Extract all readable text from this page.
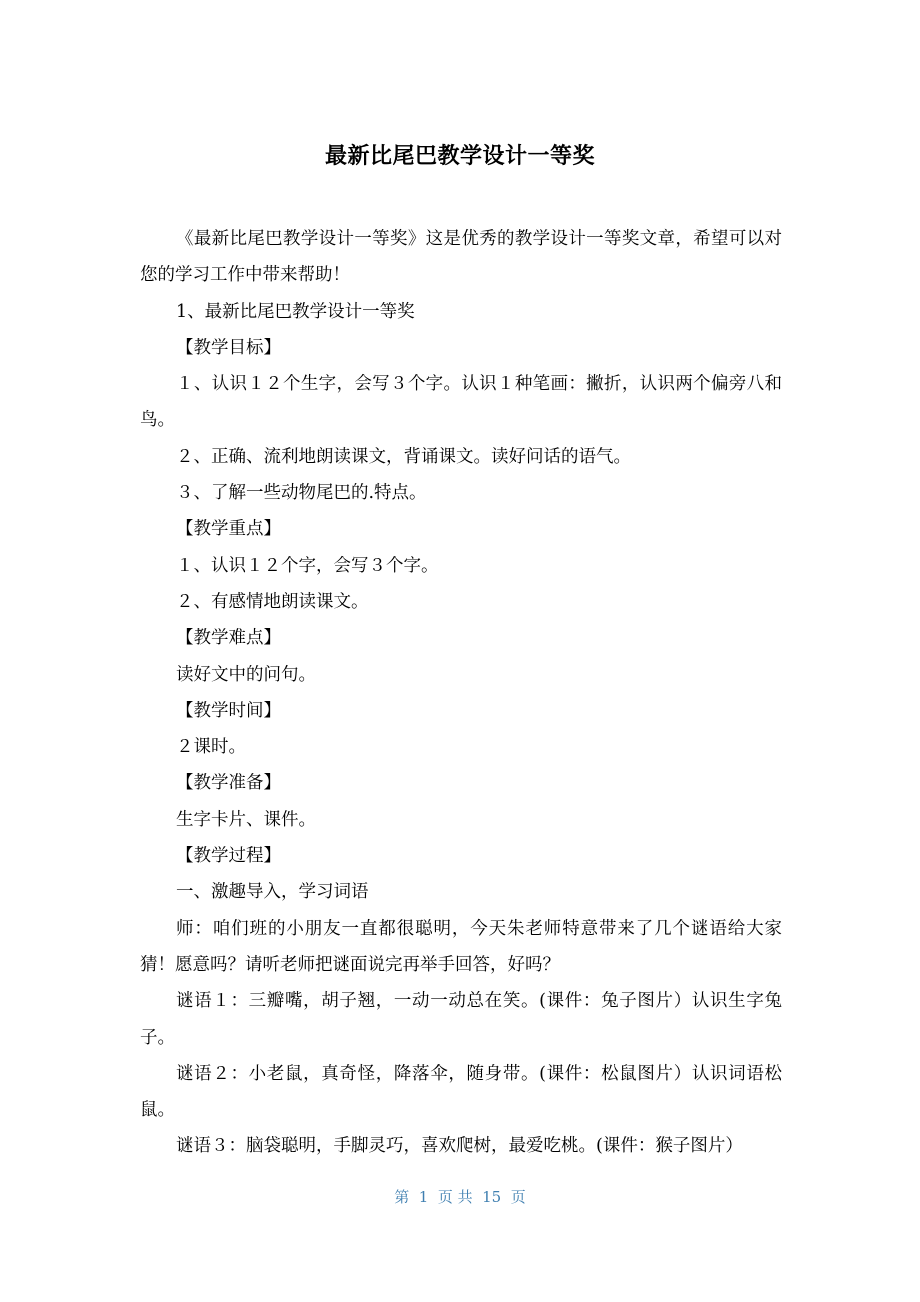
最新比尾巴教学设计一等奖

《最新比尾巴教学设计一等奖》这是优秀的教学设计一等奖文章，希望可以对您的学习工作中带来帮助！

1、最新比尾巴教学设计一等奖

【教学目标】

１、认识１２个生字，会写３个字。认识１种笔画：撇折，认识两个偏旁八和鸟。

２、正确、流利地朗读课文，背诵课文。读好问话的语气。

３、了解一些动物尾巴的.特点。

【教学重点】

１、认识１２个字，会写３个字。

２、有感情地朗读课文。

【教学难点】

读好文中的问句。

【教学时间】

２课时。

【教学准备】

生字卡片、课件。

【教学过程】

一、激趣导入，学习词语

师：咱们班的小朋友一直都很聪明，今天朱老师特意带来了几个谜语给大家猜！愿意吗？请听老师把谜面说完再举手回答，好吗？

谜语１：三瓣嘴，胡子翘，一动一动总在笑。(课件：兔子图片）认识生字兔子。

谜语２：小老鼠，真奇怪，降落伞，随身带。(课件：松鼠图片）认识词语松鼠。

谜语３：脑袋聪明，手脚灵巧，喜欢爬树，最爱吃桃。(课件：猴子图片）

第  1  页 共  15  页
